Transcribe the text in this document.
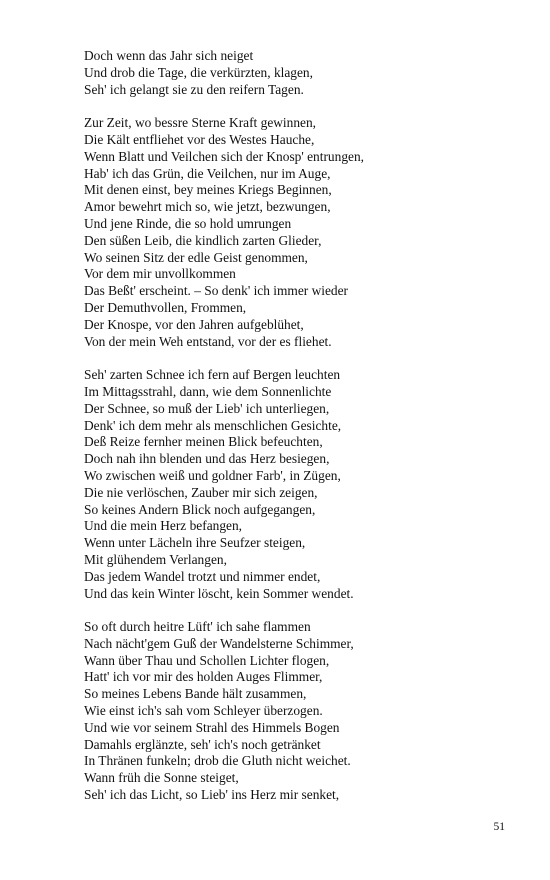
Doch wenn das Jahr sich neiget
Und drob die Tage, die verkürzten, klagen,
Seh' ich gelangt sie zu den reifern Tagen.
Zur Zeit, wo bessre Sterne Kraft gewinnen,
Die Kält entfliehet vor des Westes Hauche,
Wenn Blatt und Veilchen sich der Knosp' entrungen,
Hab' ich das Grün, die Veilchen, nur im Auge,
Mit denen einst, bey meines Kriegs Beginnen,
Amor bewehrt mich so, wie jetzt, bezwungen,
Und jene Rinde, die so hold umrungen
Den süßen Leib, die kindlich zarten Glieder,
Wo seinen Sitz der edle Geist genommen,
Vor dem mir unvollkommen
Das Beßt' erscheint. – So denk' ich immer wieder
Der Demuthvollen, Frommen,
Der Knospe, vor den Jahren aufgeblühet,
Von der mein Weh entstand, vor der es fliehet.
Seh' zarten Schnee ich fern auf Bergen leuchten
Im Mittagsstrahl, dann, wie dem Sonnenlichte
Der Schnee, so muß der Lieb' ich unterliegen,
Denk' ich dem mehr als menschlichen Gesichte,
Deß Reize fernher meinen Blick befeuchten,
Doch nah ihn blenden und das Herz besiegen,
Wo zwischen weiß und goldner Farb', in Zügen,
Die nie verlöschen, Zauber mir sich zeigen,
So keines Andern Blick noch aufgegangen,
Und die mein Herz befangen,
Wenn unter Lächeln ihre Seufzer steigen,
Mit glühendem Verlangen,
Das jedem Wandel trotzt und nimmer endet,
Und das kein Winter löscht, kein Sommer wendet.
So oft durch heitre Lüft' ich sahe flammen
Nach nächt'gem Guß der Wandelsterne Schimmer,
Wann über Thau und Schollen Lichter flogen,
Hatt' ich vor mir des holden Auges Flimmer,
So meines Lebens Bande hält zusammen,
Wie einst ich's sah vom Schleyer überzogen.
Und wie vor seinem Strahl des Himmels Bogen
Damahls erglänzte, seh' ich's noch getränket
In Thränen funkeln; drob die Gluth nicht weichet.
Wann früh die Sonne steiget,
Seh' ich das Licht, so Lieb' ins Herz mir senket,
51
